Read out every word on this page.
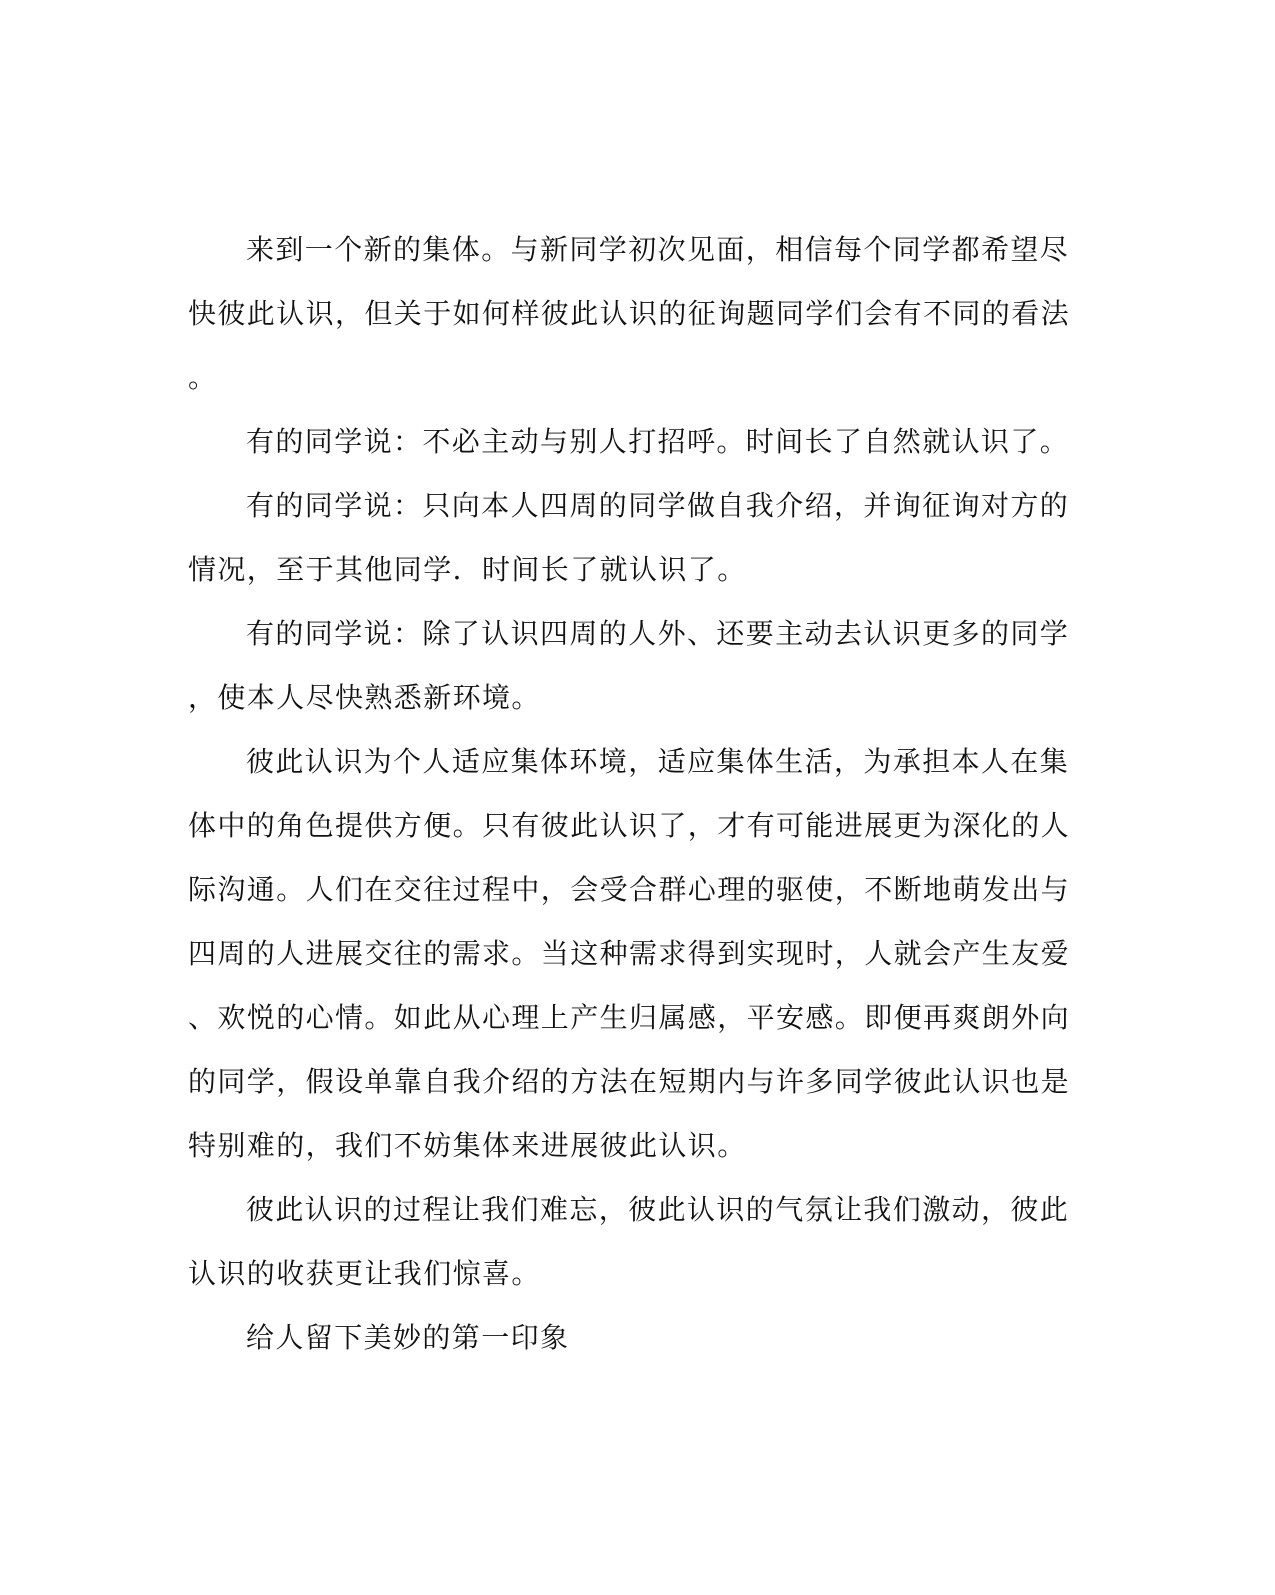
来到一个新的集体。与新同学初次见面，相信每个同学都希望尽
快彼此认识，但关于如何样彼此认识的征询题同学们会有不同的看法
。
有的同学说：不必主动与别人打招呼。时间长了自然就认识了。
有的同学说：只向本人四周的同学做自我介绍，并询征询对方的
情况，至于其他同学．时间长了就认识了。
有的同学说：除了认识四周的人外、还要主动去认识更多的同学
，使本人尽快熟悉新环境。
彼此认识为个人适应集体环境，适应集体生活，为承担本人在集
体中的角色提供方便。只有彼此认识了，才有可能进展更为深化的人
际沟通。人们在交往过程中，会受合群心理的驱使，不断地萌发出与
四周的人进展交往的需求。当这种需求得到实现时，人就会产生友爱
、欢悦的心情。如此从心理上产生归属感，平安感。即便再爽朗外向
的同学，假设单靠自我介绍的方法在短期内与许多同学彼此认识也是
特别难的，我们不妨集体来进展彼此认识。
彼此认识的过程让我们难忘，彼此认识的气氛让我们激动，彼此
认识的收获更让我们惊喜。
给人留下美妙的第一印象
